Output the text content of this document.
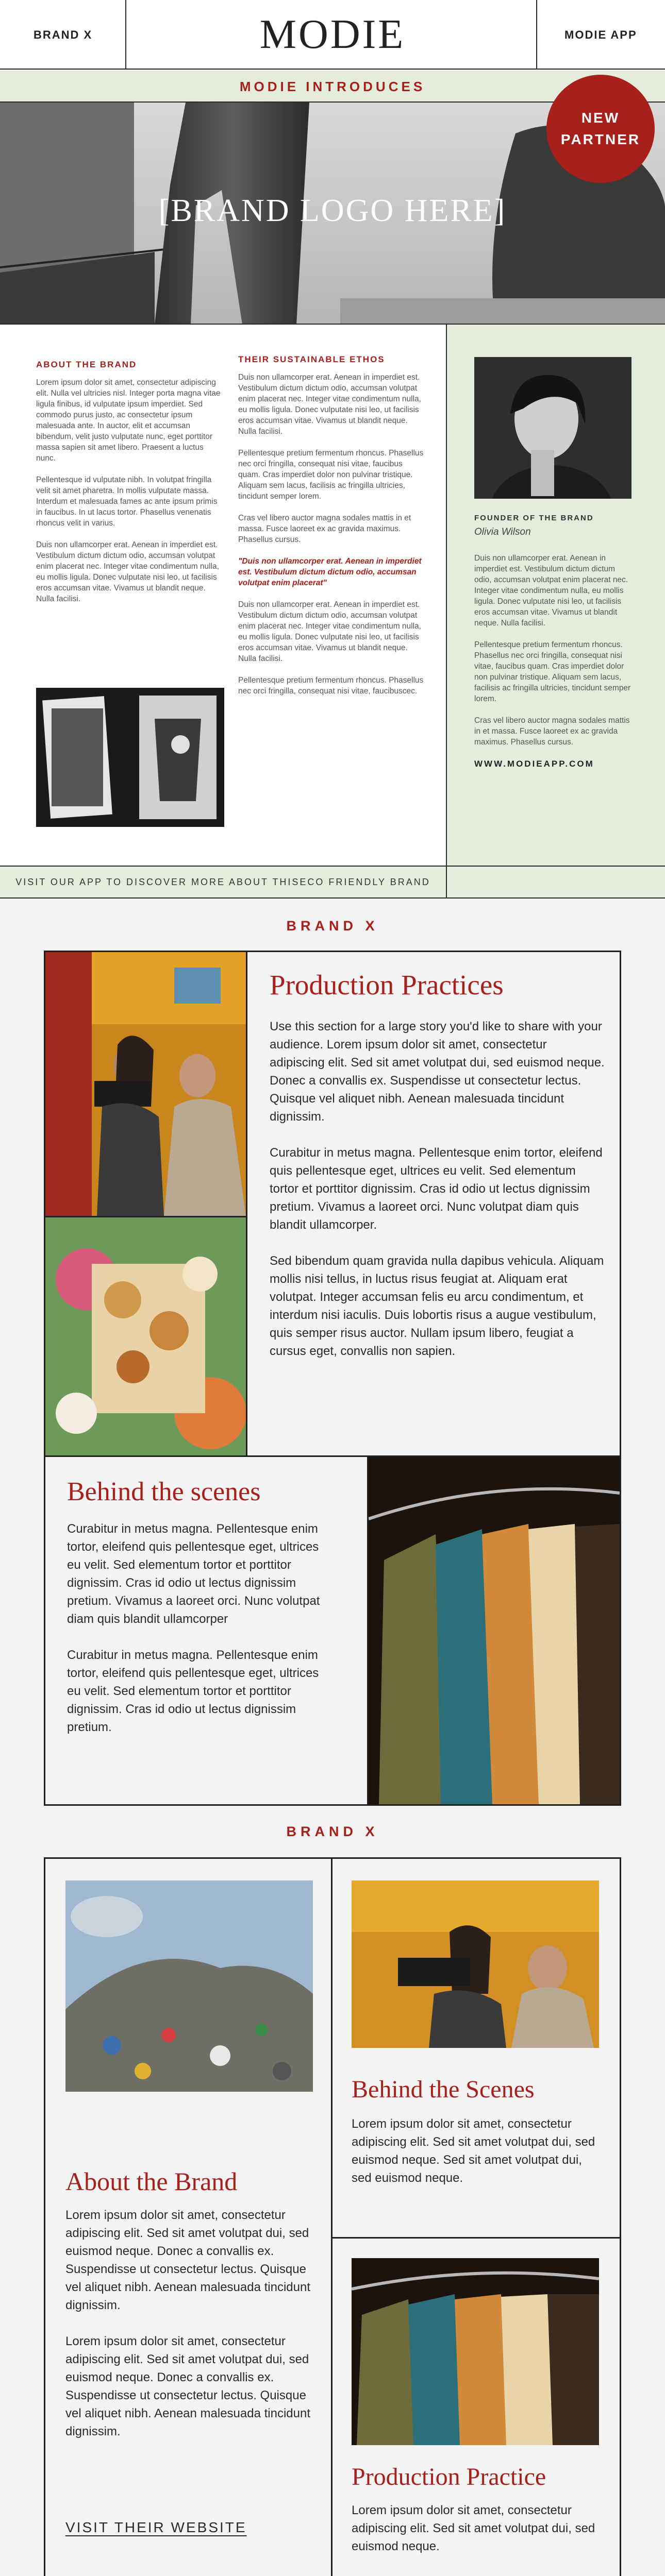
BRAND X	MODIE	MODIE APP
MODIE INTRODUCES
[BRAND LOGO HERE]
NEW
PARTNER
ABOUT THE BRAND

Lorem ipsum dolor sit amet, consectetur adipiscing elit. Nulla vel ultricies nisl. Integer porta magna vitae ligula finibus, id vulputate ipsum imperdiet. Sed commodo purus justo, ac consectetur ipsum malesuada ante. In auctor, elit et accumsan bibendum, velit justo vulputate nunc, eget porttitor massa sapien sit amet libero. Praesent a luctus nunc.

Pellentesque id vulputate nibh. In volutpat fringilla velit sit amet pharetra. In mollis vulputate massa. Interdum et malesuada fames ac ante ipsum primis in faucibus. In ut lacus tortor. Phasellus venenatis rhoncus velit in varius.

Duis non ullamcorper erat. Aenean in imperdiet est. Vestibulum dictum dictum odio, accumsan volutpat enim placerat nec. Integer vitae condimentum nulla, eu mollis ligula. Donec vulputate nisi leo, ut facilisis eros accumsan vitae. Vivamus ut blandit neque. Nulla facilisi.

THEIR SUSTAINABLE ETHOS

Duis non ullamcorper erat. Aenean in imperdiet est. Vestibulum dictum dictum odio, accumsan volutpat enim placerat nec. Integer vitae condimentum nulla, eu mollis ligula. Donec vulputate nisi leo, ut facilisis eros accumsan vitae. Vivamus ut blandit neque. Nulla facilisi.

Pellentesque pretium fermentum rhoncus. Phasellus nec orci fringilla, consequat nisi vitae, faucibus quam. Cras imperdiet dolor non pulvinar tristique. Aliquam sem lacus, facilisis ac fringilla ultricies, tincidunt semper lorem.

Cras vel libero auctor magna sodales mattis in et massa. Fusce laoreet ex ac gravida maximus. Phasellus cursus.

"Duis non ullamcorper erat. Aenean in imperdiet est. Vestibulum dictum dictum odio, accumsan volutpat enim placerat"

Duis non ullamcorper erat. Aenean in imperdiet est. Vestibulum dictum dictum odio, accumsan volutpat enim placerat nec. Integer vitae condimentum nulla, eu mollis ligula. Donec vulputate nisi leo, ut facilisis eros accumsan vitae. Vivamus ut blandit neque. Nulla facilisi.

Pellentesque pretium fermentum rhoncus. Phasellus nec orci fringilla, consequat nisi vitae, faucibuscec.

FOUNDER OF THE BRAND
Olivia Wilson

Duis non ullamcorper erat. Aenean in imperdiet est. Vestibulum dictum dictum odio, accumsan volutpat enim placerat nec. Integer vitae condimentum nulla, eu mollis ligula. Donec vulputate nisi leo, ut facilisis eros accumsan vitae. Vivamus ut blandit neque. Nulla facilisi.

Pellentesque pretium fermentum rhoncus. Phasellus nec orci fringilla, consequat nisi vitae, faucibus quam. Cras imperdiet dolor non pulvinar tristique. Aliquam sem lacus, facilisis ac fringilla ultricies, tincidunt semper lorem.

Cras vel libero auctor magna sodales mattis in et massa. Fusce laoreet ex ac gravida maximus. Phasellus cursus.

WWW.MODIEAPP.COM
VISIT OUR APP TO DISCOVER MORE ABOUT THISECO FRIENDLY BRAND
BRAND X
Production Practices

Use this section for a large story you'd like to share with your audience. Lorem ipsum dolor sit amet, consectetur adipiscing elit. Sed sit amet volutpat dui, sed euismod neque. Donec a convallis ex. Suspendisse ut consectetur lectus. Quisque vel aliquet nibh. Aenean malesuada tincidunt dignissim.

Curabitur in metus magna. Pellentesque enim tortor, eleifend quis pellentesque eget, ultrices eu velit. Sed elementum tortor et porttitor dignissim. Cras id odio ut lectus dignissim pretium. Vivamus a laoreet orci. Nunc volutpat diam quis blandit ullamcorper.

Sed bibendum quam gravida nulla dapibus vehicula. Aliquam mollis nisi tellus, in luctus risus feugiat at. Aliquam erat volutpat. Integer accumsan felis eu arcu condimentum, et interdum nisi iaculis. Duis lobortis risus a augue vestibulum, quis semper risus auctor. Nullam ipsum libero, feugiat a cursus eget, convallis non sapien.

Behind the scenes

Curabitur in metus magna. Pellentesque enim tortor, eleifend quis pellentesque eget, ultrices eu velit. Sed elementum tortor et porttitor dignissim. Cras id odio ut lectus dignissim pretium. Vivamus a laoreet orci. Nunc volutpat diam quis blandit ullamcorper

Curabitur in metus magna. Pellentesque enim tortor, eleifend quis pellentesque eget, ultrices eu velit. Sed elementum tortor et porttitor dignissim. Cras id odio ut lectus dignissim pretium.

BRAND X
About the Brand

Lorem ipsum dolor sit amet, consectetur adipiscing elit. Sed sit amet volutpat dui, sed euismod neque. Donec a convallis ex. Suspendisse ut consectetur lectus. Quisque vel aliquet nibh. Aenean malesuada tincidunt dignissim.

Lorem ipsum dolor sit amet, consectetur adipiscing elit. Sed sit amet volutpat dui, sed euismod neque. Donec a convallis ex. Suspendisse ut consectetur lectus. Quisque vel aliquet nibh. Aenean malesuada tincidunt dignissim.

VISIT THEIR WEBSITE
Behind the Scenes

Lorem ipsum dolor sit amet, consectetur adipiscing elit. Sed sit amet volutpat dui, sed euismod neque. Sed sit amet volutpat dui, sed euismod neque.

Production Practice

Lorem ipsum dolor sit amet, consectetur adipiscing elit. Sed sit amet volutpat dui, sed euismod neque.
